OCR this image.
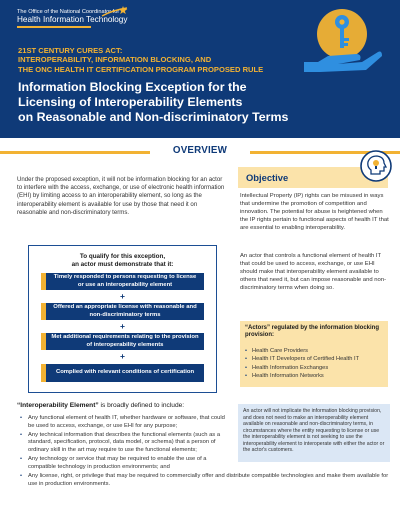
The Office of the National Coordinator for
Health Information Technology
21ST CENTURY CURES ACT:
INTEROPERABILITY, INFORMATION BLOCKING, AND
THE ONC HEALTH IT CERTIFICATION PROGRAM PROPOSED RULE
Information Blocking Exception for the
Licensing of Interoperability Elements
on Reasonable and Non-discriminatory Terms
OVERVIEW

Under the proposed exception, it will not be information blocking for an actor to interfere with the access, exchange, or use of electronic health information (EHI) by limiting access to an interoperability element, so long as the interoperability element is available for use by those that need it on reasonable and non-discriminatory terms.

To qualify for this exception,
an actor must demonstrate that it:
Timely responded to persons requesting to license or use an interoperability element
+
Offered an appropriate license with reasonable and non-discriminatory terms
+
Met additional requirements relating to the provision of interoperability elements
+
Complied with relevant conditions of certification
“Interoperability Element” is broadly defined to include:
• Any functional element of health IT, whether hardware or software, that could be used to access, exchange, or use EHI for any purpose;
• Any technical information that describes the functional elements (such as a standard, specification, protocol, data model, or schema) that a person of ordinary skill in the art may require to use the functional elements;
• Any technology or service that may be required to enable the use of a compatible technology in production environments; and
• Any license, right, or privilege that may be required to commercially offer and distribute compatible technologies and make them available for use in production environments.
Objective

Intellectual Property (IP) rights can be misused in ways that undermine the promotion of competition and innovation. The potential for abuse is heightened when the IP rights pertain to functional aspects of health IT that are essential to enabling interoperability.

An actor that controls a functional element of health IT that could be used to access, exchange, or use EHI should make that interoperability element available to others that need it, but can impose reasonable and non-discriminatory terms when doing so.

“Actors” regulated by the information blocking provision:
• Health Care Providers
• Health IT Developers of Certified Health IT
• Health Information Exchanges
• Health Information Networks

An actor will not implicate the information blocking provision, and does not need to make an interoperability element available on reasonable and non-discriminatory terms, in circumstances where the entity requesting to license or use the interoperability element is not seeking to use the interoperability element to interoperate with either the actor or the actor's customers.
